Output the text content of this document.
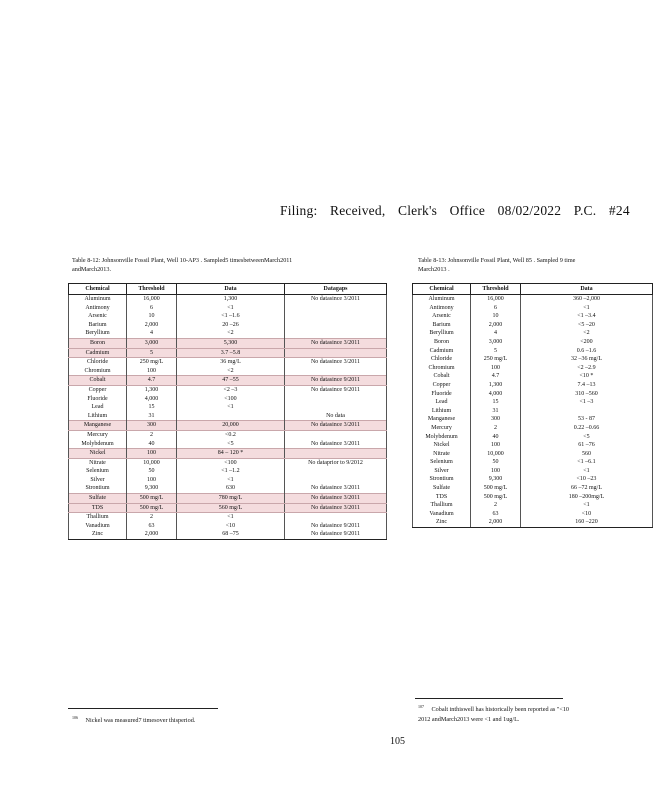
Filing: Received, Clerk's Office 08/02/2022 P.C. #24
Table 8-12: Johnsonville Fossil Plant, Well 10-AP3 . Sampled5 timesbetweenMarch2011
andMarch2013.
Chemical	Threshold	Data	Datagaps
Aluminum	16,000	1,300	No datasince 3/2011
Antimony	6	<1	
Arsenic	10	<1 –1.6	
Barium	2,000	20 –26	
Beryllium	4	<2	
Boron	3,000	5,300	No datasince 3/2011
Cadmium	5	3.7 –5.8	
Chloride	250 mg/L	36 mg/L	No datasince 3/2011
Chromium	100	<2	
Cobalt	4.7	47 –55	No datasince 9/2011
Copper	1,300	<2 –3	No datasince 9/2011
Fluoride	4,000	<100	
Lead	15	<1	
Lithium	31		No data
Manganese	300	20,000	No datasince 3/2011
Mercury	2	<0.2	
Molybdenum	40	<5	No datasince 3/2011
Nickel	100	84 – 120 *	
Nitrate	10,000	<100	No dataprior to 9/2012
Selenium	50	<1 –1.2	
Silver	100	<1	
Strontium	9,300	630	No datasince 3/2011
Sulfate	500 mg/L	780 mg/L	No datasince 3/2011
TDS	500 mg/L	560 mg/L	No datasince 3/2011
Thallium	2	<1	
Vanadium	63	<10	No datasince 9/2011
Zinc	2,000	68 –75	No datasince 9/2011
Table 8-13: Johnsonville Fossil Plant, Well 85 . Sampled 9 time
March2013 .
Chemical	Threshold	Data
Aluminum	16,000	360 –2,000
Antimony	6	<1
Arsenic	10	<1 –3.4
Barium	2,000	<5 –20
Beryllium	4	<2
Boron	3,000	<200
Cadmium	5	0.6 –1.6
Chloride	250 mg/L	32 –36 mg/L
Chromium	100	<2 –2.9
Cobalt	4.7	<10 *
Copper	1,300	7.4 –13
Fluoride	4,000	310 –560
Lead	15	<1 –3
Lithium	31	
Manganese	300	53 - 87
Mercury	2	0.22 –0.66
Molybdenum	40	<5
Nickel	100	61 –76
Nitrate	10,000	560
Selenium	50	<1 –6.1
Silver	100	<1
Strontium	9,300	<10 –23
Sulfate	500 mg/L	66 –72 mg/L
TDS	500 mg/L	180 –200mg/L
Thallium	2	<1
Vanadium	63	<10
Zinc	2,000	160 –220
$^{106}$ Nickel was measured7 timesover thisperiod.
$^{107}$ Cobalt inthiswell has historically been reported as "<10
2012 andMarch2013 were <1 and 1ug/L.
105
